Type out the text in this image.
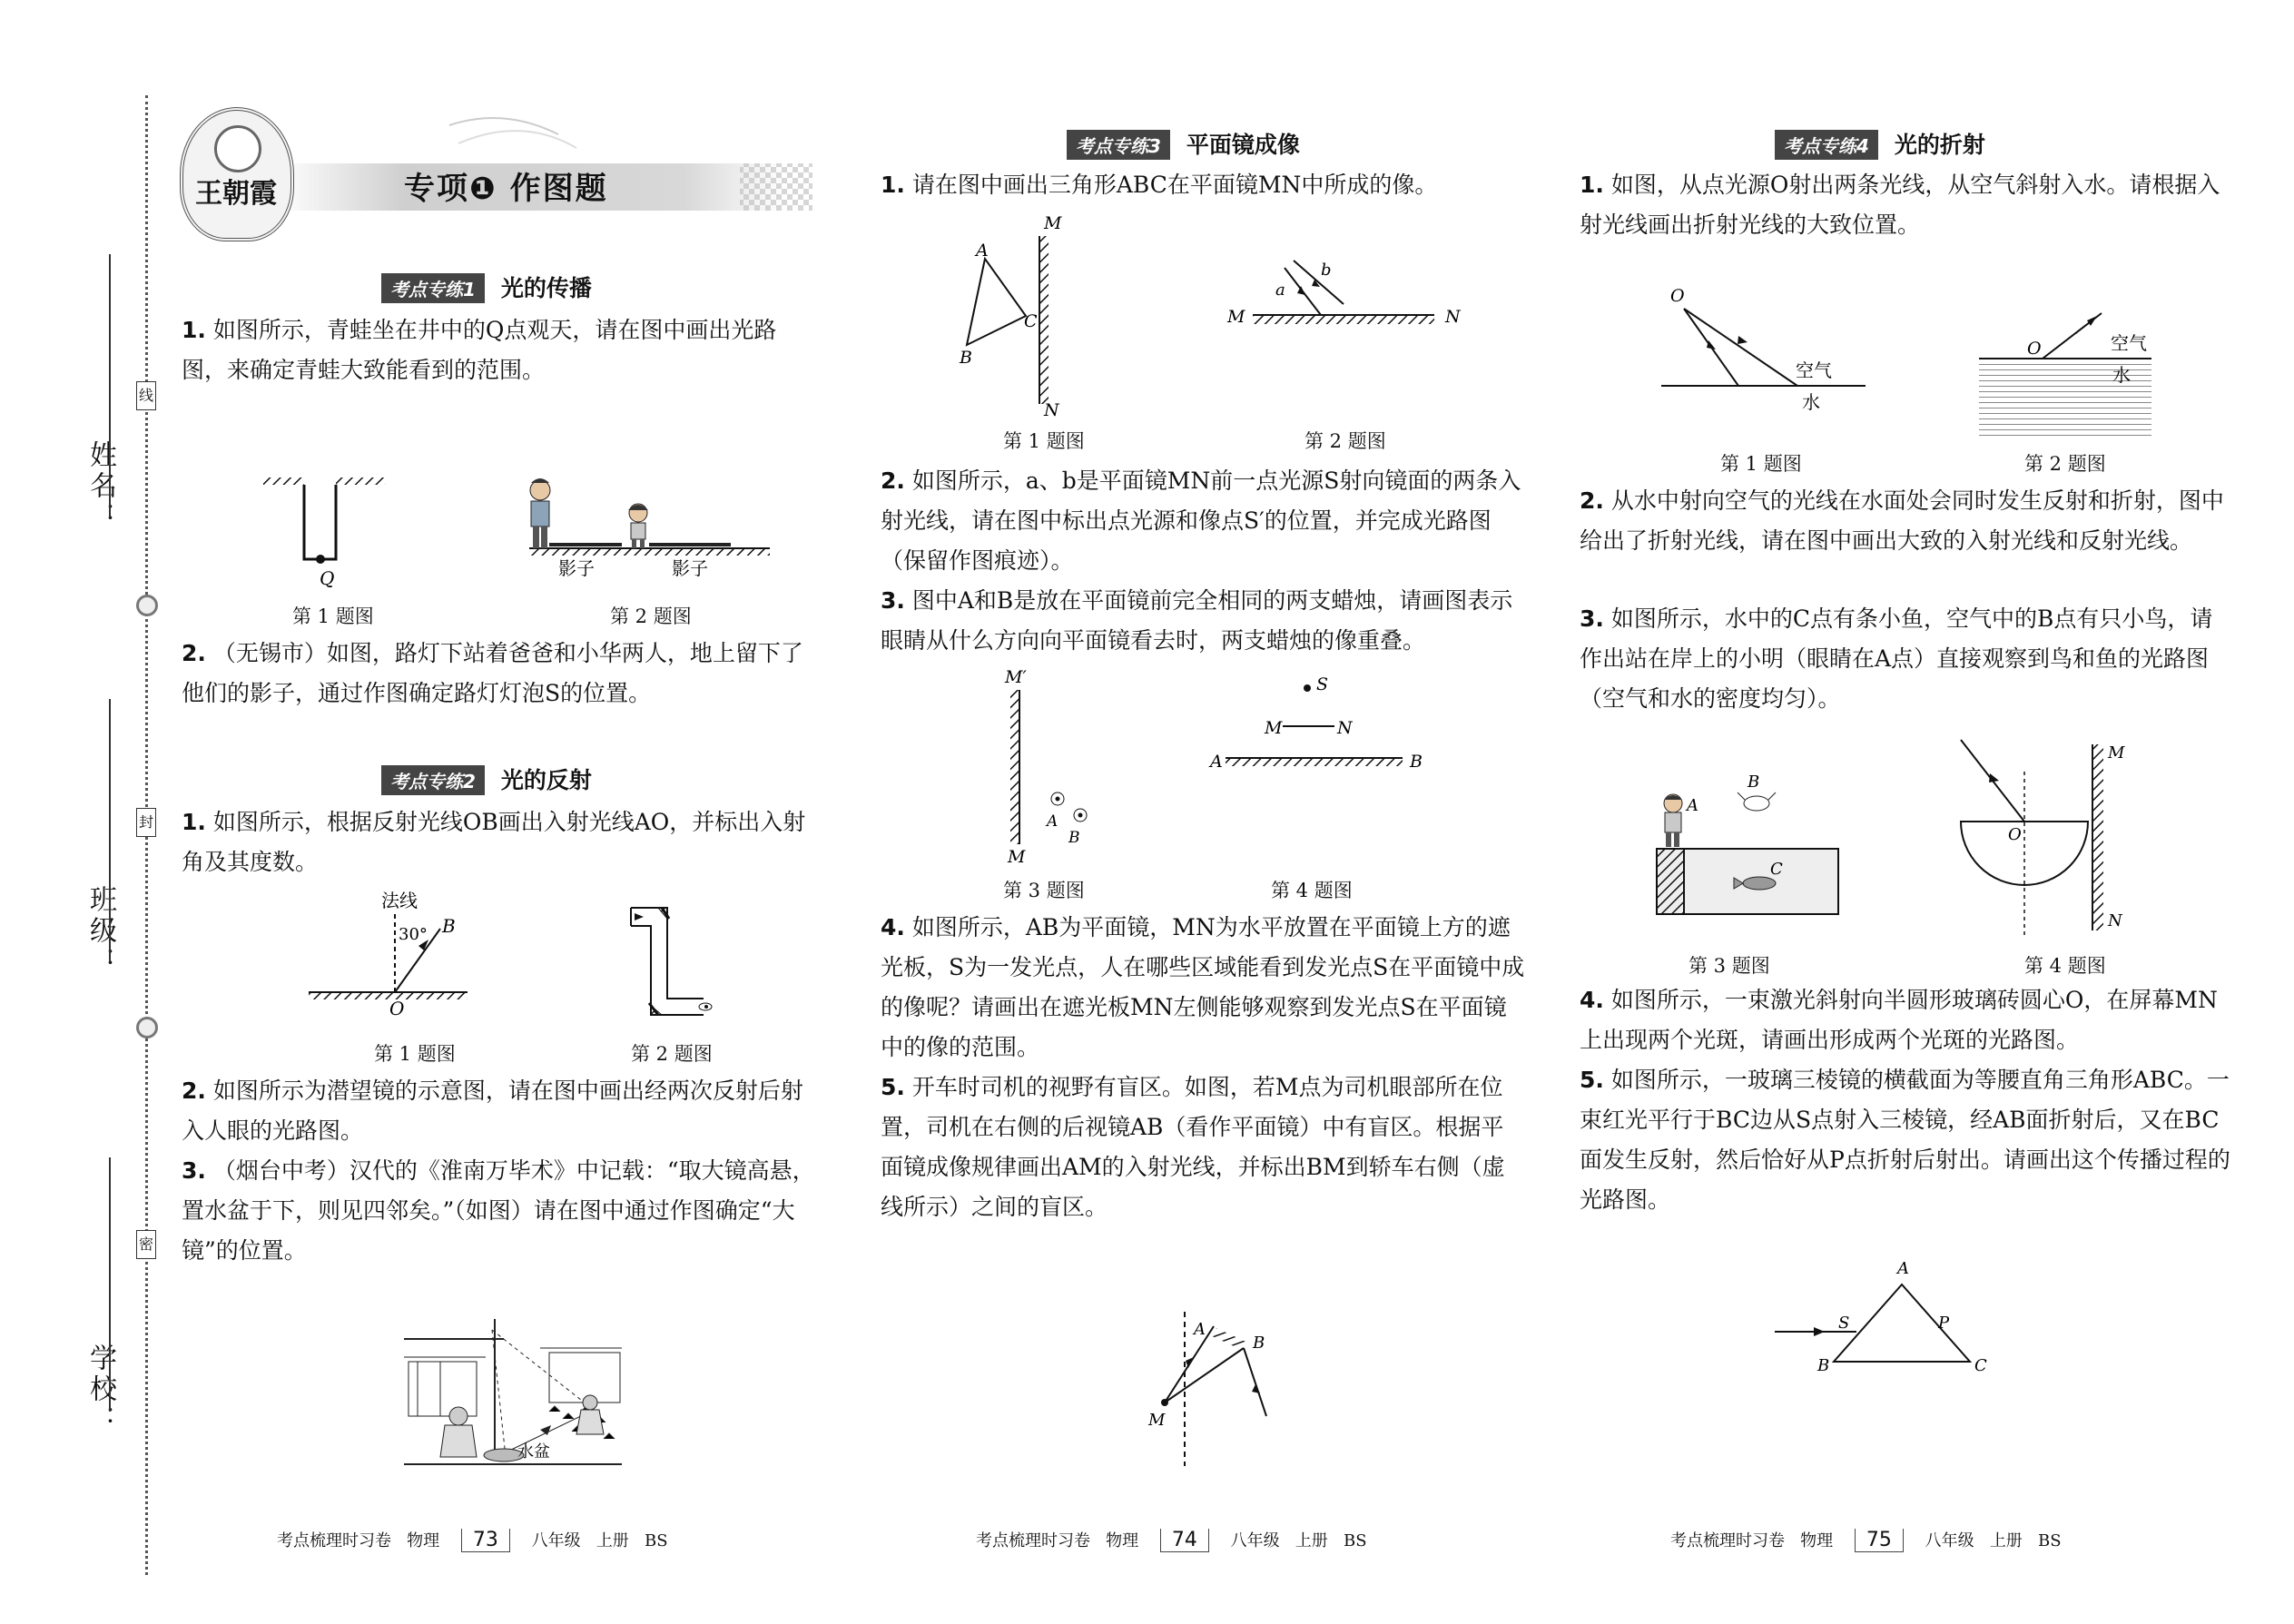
姓名：
班级：
学校：
线
封
密
王朝霞	专项❶ 作图题
考点专练1 光的传播
1. 如图所示，青蛙坐在井中的Q点观天，请在图中画出光路图，来确定青蛙大致能看到的范围。
Q
第 1 题图
影子	影子
第 2 题图
2. （无锡市）如图，路灯下站着爸爸和小华两人，地上留下了他们的影子，通过作图确定路灯灯泡S的位置。
考点专练2 光的反射
1. 如图所示，根据反射光线OB画出入射光线AO，并标出入射角及其度数。
法线
30° B
O
第 1 题图	第 2 题图
2. 如图所示为潜望镜的示意图，请在图中画出经两次反射后射入人眼的光路图。
3. （烟台中考）汉代的《淮南万毕术》中记载：“取大镜高悬，置水盆于下，则见四邻矣。”（如图）请在图中通过作图确定“大镜”的位置。
水盆
考点梳理时习卷 物理 73 八年级 上册 BS
考点专练3 平面镜成像
1. 请在图中画出三角形ABC在平面镜MN中所成的像。
M
N
A
B
C
第 1 题图
M	N
a
b
第 2 题图
2. 如图所示，a、b是平面镜MN前一点光源S射向镜面的两条入射光线，请在图中标出点光源和像点S′的位置，并完成光路图（保留作图痕迹）。
3. 图中A和B是放在平面镜前完全相同的两支蜡烛，请画图表示眼睛从什么方向向平面镜看去时，两支蜡烛的像重叠。
M′
M
A
B
第 3 题图
S
M	N
A	B
第 4 题图
4. 如图所示，AB为平面镜，MN为水平放置在平面镜上方的遮光板，S为一发光点，人在哪些区域能看到发光点S在平面镜中成的像呢？请画出在遮光板MN左侧能够观察到发光点S在平面镜中的像的范围。
5. 开车时司机的视野有盲区。如图，若M点为司机眼部所在位置，司机在右侧的后视镜AB（看作平面镜）中有盲区。根据平面镜成像规律画出AM的入射光线，并标出BM到轿车右侧（虚线所示）之间的盲区。
A
B
M
考点梳理时习卷 物理 74 八年级 上册 BS
考点专练4 光的折射
1. 如图，从点光源O射出两条光线，从空气斜射入水。请根据入射光线画出折射光线的大致位置。
O
空气
水
第 1 题图
O	空气
水
第 2 题图
2. 从水中射向空气的光线在水面处会同时发生反射和折射，图中给出了折射光线，请在图中画出大致的入射光线和反射光线。
3. 如图所示，水中的C点有条小鱼，空气中的B点有只小鸟，请作出站在岸上的小明（眼睛在A点）直接观察到鸟和鱼的光路图（空气和水的密度均匀）。
A
B
C
第 3 题图
O
M
N
第 4 题图
4. 如图所示，一束激光斜射向半圆形玻璃砖圆心O，在屏幕MN上出现两个光斑，请画出形成两个光斑的光路图。
5. 如图所示，一玻璃三棱镜的横截面为等腰直角三角形ABC。一束红光平行于BC边从S点射入三棱镜，经AB面折射后，又在BC面发生反射，然后恰好从P点折射后射出。请画出这个传播过程的光路图。
A
S	P
B	C
考点梳理时习卷 物理 75 八年级 上册 BS
